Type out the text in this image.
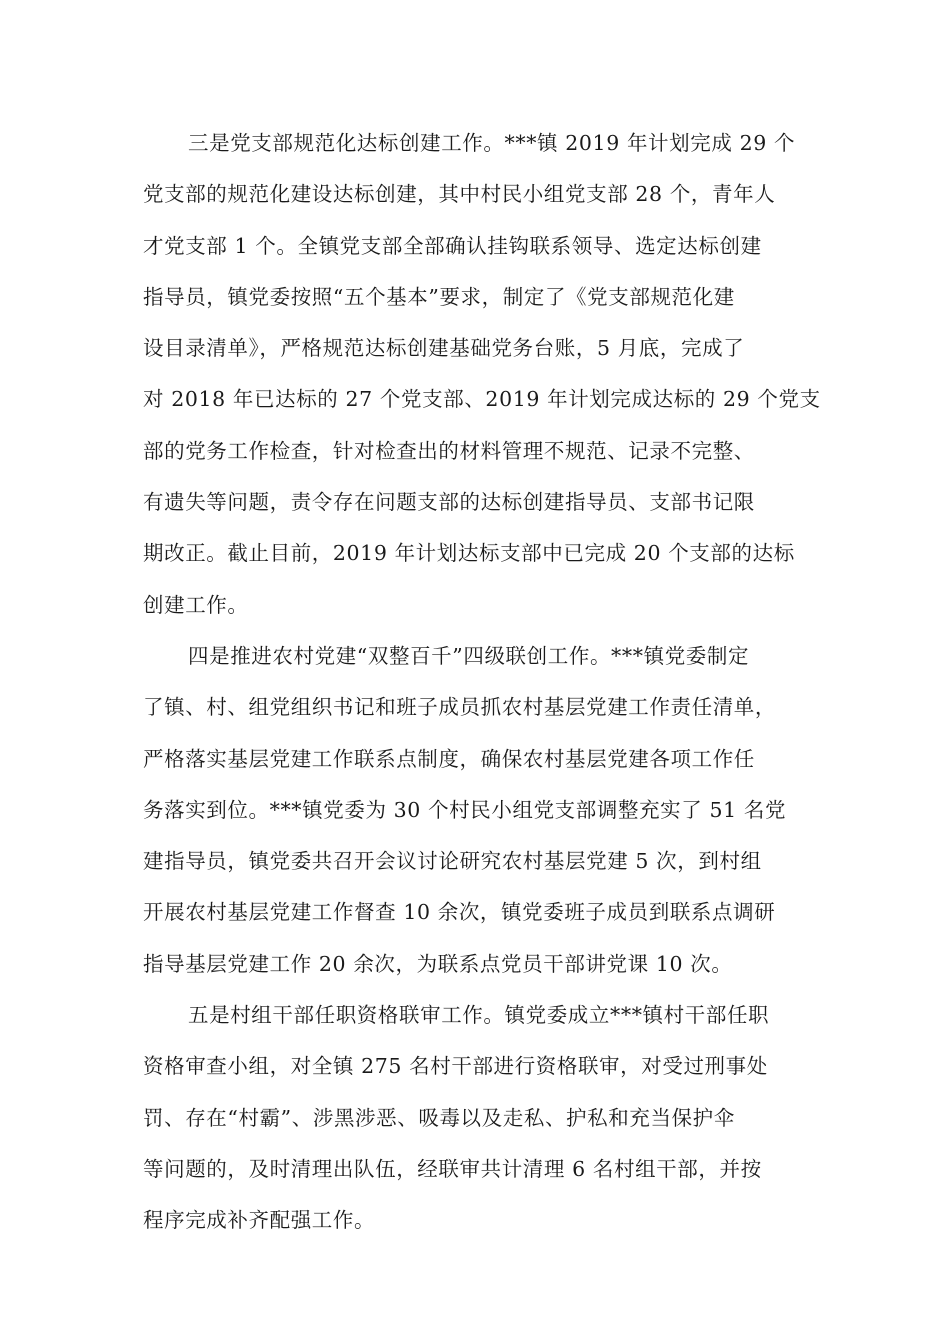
三是党支部规范化达标创建工作。***镇 2019 年计划完成 29 个
党支部的规范化建设达标创建，其中村民小组党支部 28 个，青年人
才党支部 1 个。全镇党支部全部确认挂钩联系领导、选定达标创建
指导员，镇党委按照“五个基本”要求，制定了《党支部规范化建
设目录清单》，严格规范达标创建基础党务台账，5 月底，完成了
对 2018 年已达标的 27 个党支部、2019 年计划完成达标的 29 个党支
部的党务工作检查，针对检查出的材料管理不规范、记录不完整、
有遗失等问题，责令存在问题支部的达标创建指导员、支部书记限
期改正。截止目前，2019 年计划达标支部中已完成 20 个支部的达标
创建工作。
四是推进农村党建“双整百千”四级联创工作。***镇党委制定
了镇、村、组党组织书记和班子成员抓农村基层党建工作责任清单，
严格落实基层党建工作联系点制度，确保农村基层党建各项工作任
务落实到位。***镇党委为 30 个村民小组党支部调整充实了 51 名党
建指导员，镇党委共召开会议讨论研究农村基层党建 5 次，到村组
开展农村基层党建工作督查 10 余次，镇党委班子成员到联系点调研
指导基层党建工作 20 余次，为联系点党员干部讲党课 10 次。
五是村组干部任职资格联审工作。镇党委成立***镇村干部任职
资格审查小组，对全镇 275 名村干部进行资格联审，对受过刑事处
罚、存在“村霸”、涉黑涉恶、吸毒以及走私、护私和充当保护伞
等问题的，及时清理出队伍，经联审共计清理 6 名村组干部，并按
程序完成补齐配强工作。
